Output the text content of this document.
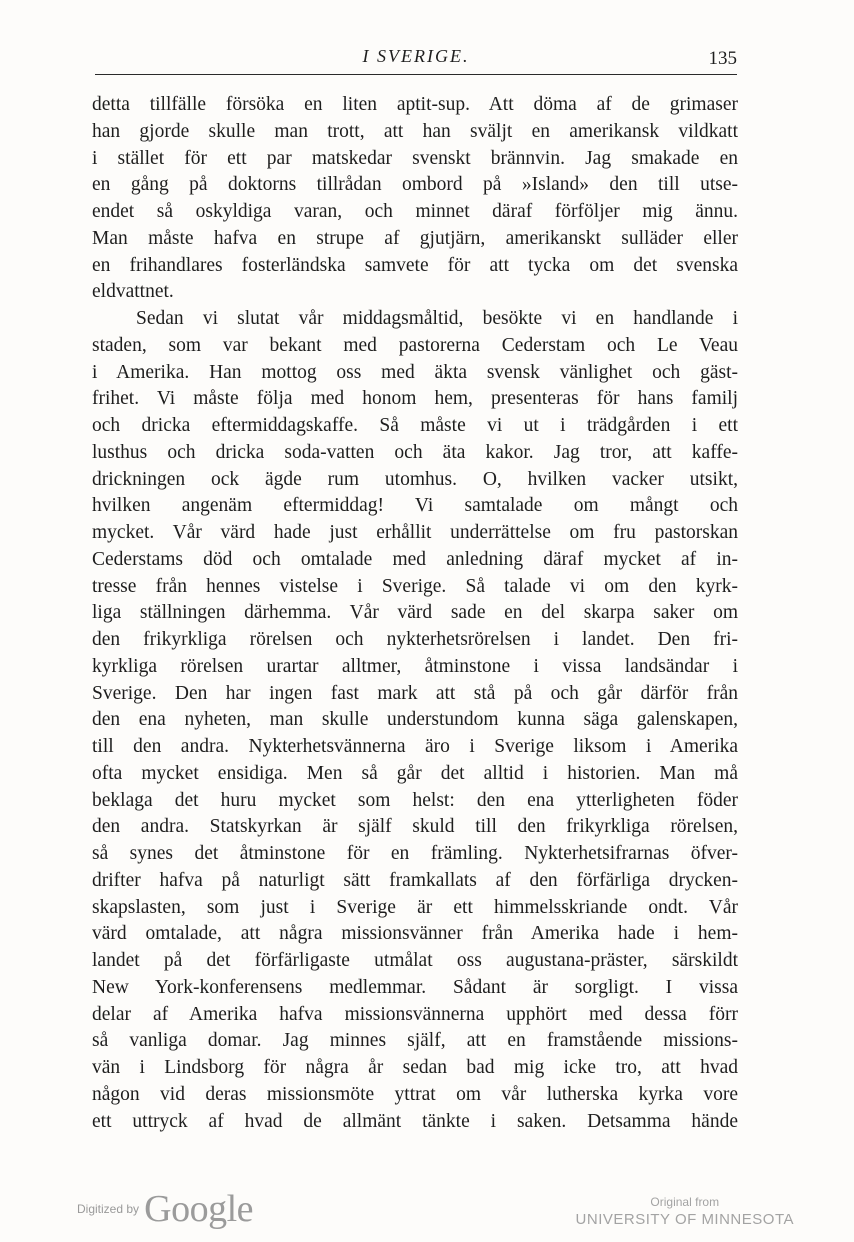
I SVERIGE.	135
detta tillfälle försöka en liten aptit-sup. Att döma af de grimaser
han gjorde skulle man trott, att han sväljt en amerikansk vildkatt
i stället för ett par matskedar svenskt brännvin. Jag smakade en
en gång på doktorns tillrådan ombord på »Island» den till utse-
endet så oskyldiga varan, och minnet däraf förföljer mig ännu.
Man måste hafva en strupe af gjutjärn, amerikanskt sulläder eller
en frihandlares fosterländska samvete för att tycka om det svenska
eldvattnet.
Sedan vi slutat vår middagsmåltid, besökte vi en handlande i
staden, som var bekant med pastorerna Cederstam och Le Veau
i Amerika. Han mottog oss med äkta svensk vänlighet och gäst-
frihet. Vi måste följa med honom hem, presenteras för hans familj
och dricka eftermiddagskaffe. Så måste vi ut i trädgården i ett
lusthus och dricka soda-vatten och äta kakor. Jag tror, att kaffe-
drickningen ock ägde rum utomhus. O, hvilken vacker utsikt,
hvilken angenäm eftermiddag! Vi samtalade om mångt och
mycket. Vår värd hade just erhållit underrättelse om fru pastorskan
Cederstams död och omtalade med anledning däraf mycket af in-
tresse från hennes vistelse i Sverige. Så talade vi om den kyrk-
liga ställningen därhemma. Vår värd sade en del skarpa saker om
den frikyrkliga rörelsen och nykterhetsrörelsen i landet. Den fri-
kyrkliga rörelsen urartar alltmer, åtminstone i vissa landsändar i
Sverige. Den har ingen fast mark att stå på och går därför från
den ena nyheten, man skulle understundom kunna säga galenskapen,
till den andra. Nykterhetsvännerna äro i Sverige liksom i Amerika
ofta mycket ensidiga. Men så går det alltid i historien. Man må
beklaga det huru mycket som helst: den ena ytterligheten föder
den andra. Statskyrkan är själf skuld till den frikyrkliga rörelsen,
så synes det åtminstone för en främling. Nykterhetsifrarnas öfver-
drifter hafva på naturligt sätt framkallats af den förfärliga drycken-
skapslasten, som just i Sverige är ett himmelsskriande ondt. Vår
värd omtalade, att några missionsvänner från Amerika hade i hem-
landet på det förfärligaste utmålat oss augustana-präster, särskildt
New York-konferensens medlemmar. Sådant är sorgligt. I vissa
delar af Amerika hafva missionsvännerna upphört med dessa förr
så vanliga domar. Jag minnes själf, att en framstående missions-
vän i Lindsborg för några år sedan bad mig icke tro, att hvad
någon vid deras missionsmöte yttrat om vår lutherska kyrka vore
ett uttryck af hvad de allmänt tänkte i saken. Detsamma hände
Digitized by Google	Original from
UNIVERSITY OF MINNESOTA
